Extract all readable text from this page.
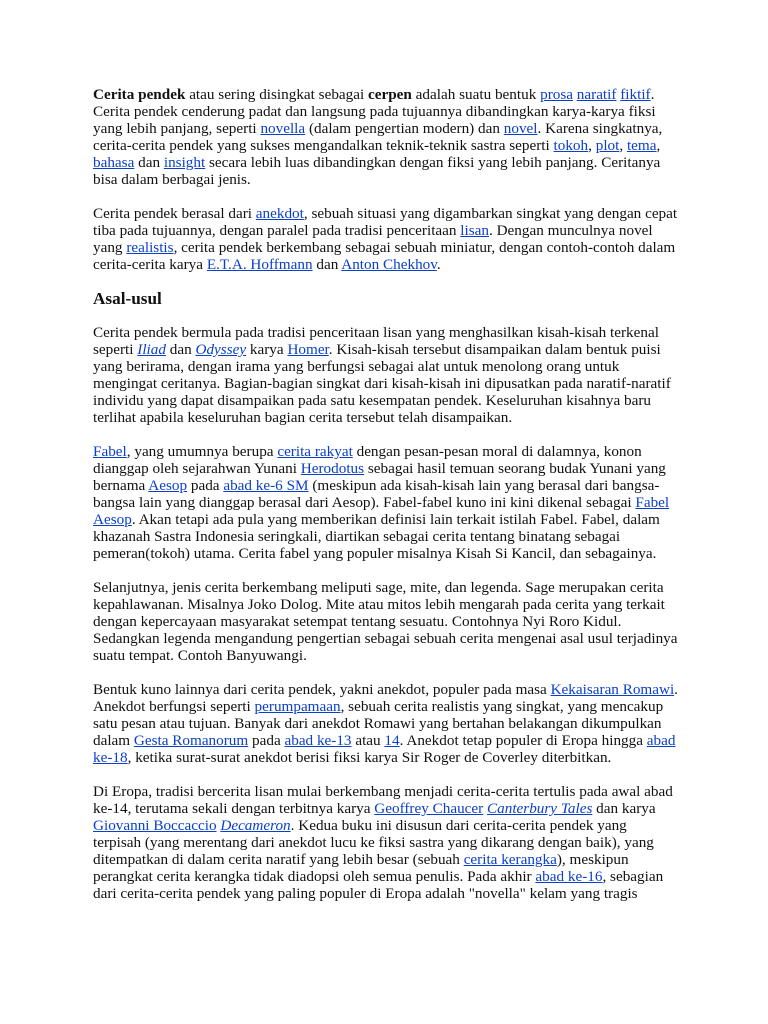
Cerita pendek atau sering disingkat sebagai cerpen adalah suatu bentuk prosa naratif fiktif. Cerita pendek cenderung padat dan langsung pada tujuannya dibandingkan karya-karya fiksi yang lebih panjang, seperti novella (dalam pengertian modern) dan novel. Karena singkatnya, cerita-cerita pendek yang sukses mengandalkan teknik-teknik sastra seperti tokoh, plot, tema, bahasa dan insight secara lebih luas dibandingkan dengan fiksi yang lebih panjang. Ceritanya bisa dalam berbagai jenis.

Cerita pendek berasal dari anekdot, sebuah situasi yang digambarkan singkat yang dengan cepat tiba pada tujuannya, dengan paralel pada tradisi penceritaan lisan. Dengan munculnya novel yang realistis, cerita pendek berkembang sebagai sebuah miniatur, dengan contoh-contoh dalam cerita-cerita karya E.T.A. Hoffmann dan Anton Chekhov.

Asal-usul

Cerita pendek bermula pada tradisi penceritaan lisan yang menghasilkan kisah-kisah terkenal seperti Iliad dan Odyssey karya Homer. Kisah-kisah tersebut disampaikan dalam bentuk puisi yang berirama, dengan irama yang berfungsi sebagai alat untuk menolong orang untuk mengingat ceritanya. Bagian-bagian singkat dari kisah-kisah ini dipusatkan pada naratif-naratif individu yang dapat disampaikan pada satu kesempatan pendek. Keseluruhan kisahnya baru terlihat apabila keseluruhan bagian cerita tersebut telah disampaikan.

Fabel, yang umumnya berupa cerita rakyat dengan pesan-pesan moral di dalamnya, konon dianggap oleh sejarahwan Yunani Herodotus sebagai hasil temuan seorang budak Yunani yang bernama Aesop pada abad ke-6 SM (meskipun ada kisah-kisah lain yang berasal dari bangsa-bangsa lain yang dianggap berasal dari Aesop). Fabel-fabel kuno ini kini dikenal sebagai Fabel Aesop. Akan tetapi ada pula yang memberikan definisi lain terkait istilah Fabel. Fabel, dalam khazanah Sastra Indonesia seringkali, diartikan sebagai cerita tentang binatang sebagai pemeran(tokoh) utama. Cerita fabel yang populer misalnya Kisah Si Kancil, dan sebagainya.

Selanjutnya, jenis cerita berkembang meliputi sage, mite, dan legenda. Sage merupakan cerita kepahlawanan. Misalnya Joko Dolog. Mite atau mitos lebih mengarah pada cerita yang terkait dengan kepercayaan masyarakat setempat tentang sesuatu. Contohnya Nyi Roro Kidul. Sedangkan legenda mengandung pengertian sebagai sebuah cerita mengenai asal usul terjadinya suatu tempat. Contoh Banyuwangi.

Bentuk kuno lainnya dari cerita pendek, yakni anekdot, populer pada masa Kekaisaran Romawi. Anekdot berfungsi seperti perumpamaan, sebuah cerita realistis yang singkat, yang mencakup satu pesan atau tujuan. Banyak dari anekdot Romawi yang bertahan belakangan dikumpulkan dalam Gesta Romanorum pada abad ke-13 atau 14. Anekdot tetap populer di Eropa hingga abad ke-18, ketika surat-surat anekdot berisi fiksi karya Sir Roger de Coverley diterbitkan.

Di Eropa, tradisi bercerita lisan mulai berkembang menjadi cerita-cerita tertulis pada awal abad ke-14, terutama sekali dengan terbitnya karya Geoffrey Chaucer Canterbury Tales dan karya Giovanni Boccaccio Decameron. Kedua buku ini disusun dari cerita-cerita pendek yang terpisah (yang merentang dari anekdot lucu ke fiksi sastra yang dikarang dengan baik), yang ditempatkan di dalam cerita naratif yang lebih besar (sebuah cerita kerangka), meskipun perangkat cerita kerangka tidak diadopsi oleh semua penulis. Pada akhir abad ke-16, sebagian dari cerita-cerita pendek yang paling populer di Eropa adalah "novella" kelam yang tragis
